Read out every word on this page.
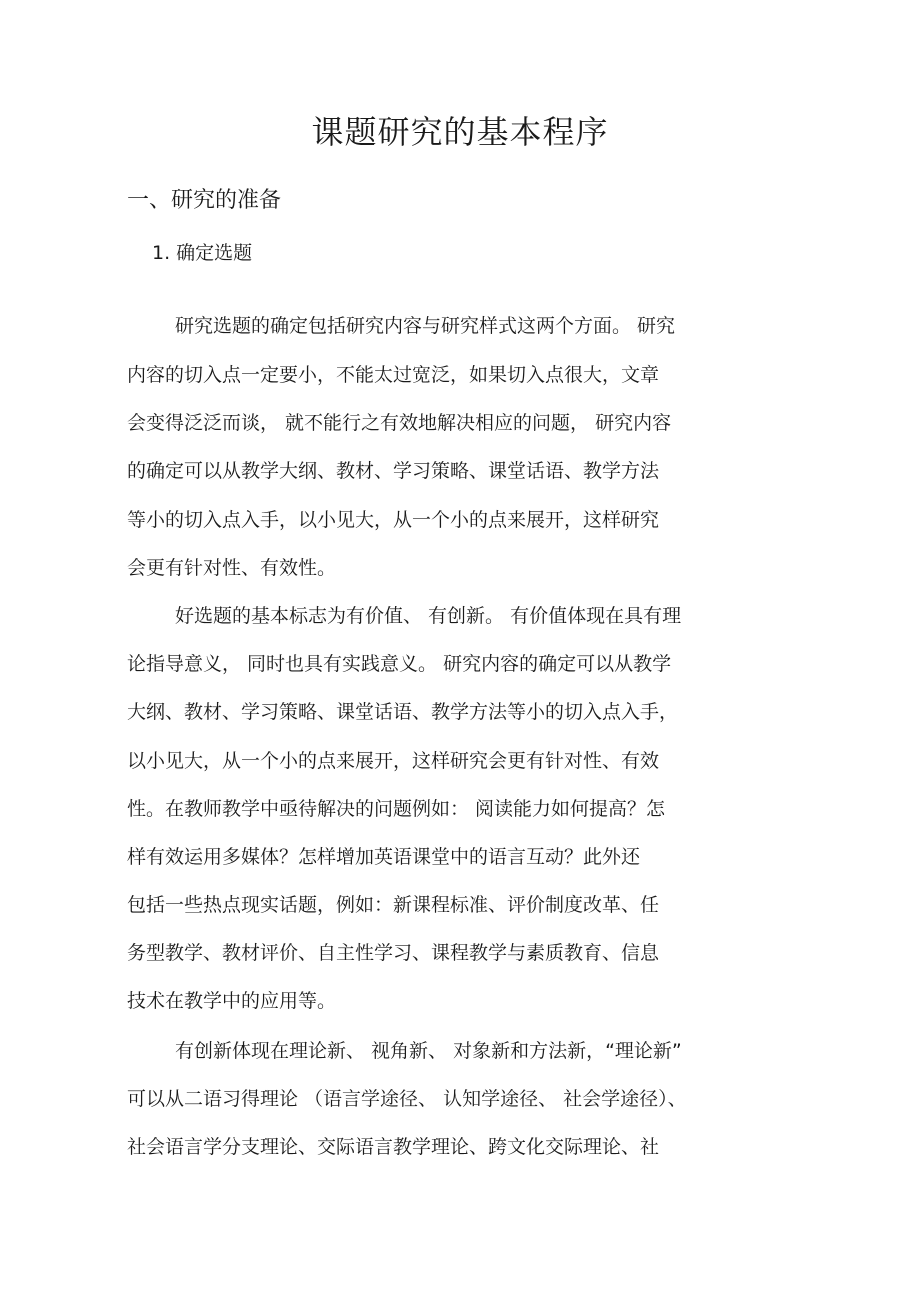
课题研究的基本程序
一、研究的准备
1. 确定选题

研究选题的确定包括研究内容与研究样式这两个方面。 研究

内容的切入点一定要小，不能太过宽泛，如果切入点很大，文章

会变得泛泛而谈， 就不能行之有效地解决相应的问题， 研究内容

的确定可以从教学大纲、教材、学习策略、课堂话语、教学方法

等小的切入点入手，以小见大，从一个小的点来展开，这样研究

会更有针对性、有效性。

好选题的基本标志为有价值、 有创新。 有价值体现在具有理

论指导意义， 同时也具有实践意义。 研究内容的确定可以从教学

大纲、教材、学习策略、课堂话语、教学方法等小的切入点入手，

以小见大，从一个小的点来展开，这样研究会更有针对性、有效

性。在教师教学中亟待解决的问题例如： 阅读能力如何提高？怎

样有效运用多媒体？怎样增加英语课堂中的语言互动？此外还

包括一些热点现实话题，例如：新课程标准、评价制度改革、任

务型教学、教材评价、自主性学习、课程教学与素质教育、信息

技术在教学中的应用等。

有创新体现在理论新、 视角新、 对象新和方法新，“理论新”

可以从二语习得理论 （语言学途径、 认知学途径、 社会学途径）、

社会语言学分支理论、交际语言教学理论、跨文化交际理论、社
